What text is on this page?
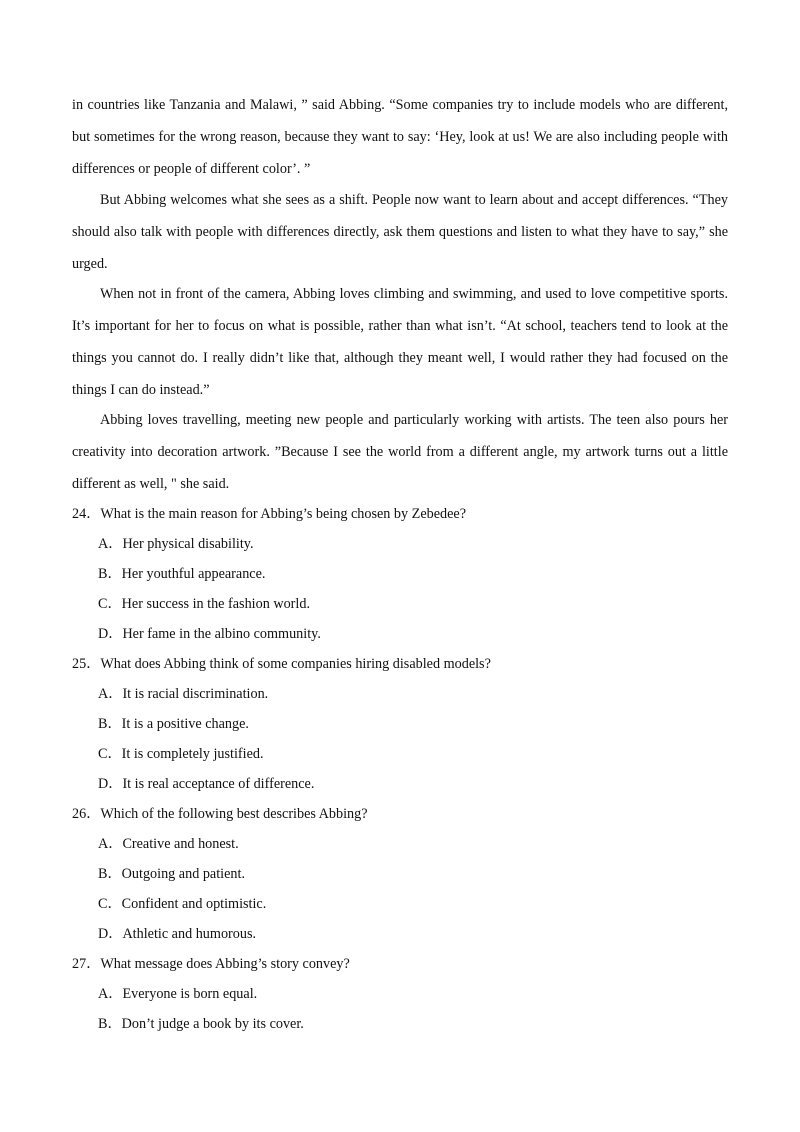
in countries like Tanzania and Malawi, ” said Abbing. “Some companies try to include models who are different, but sometimes for the wrong reason, because they want to say: ‘Hey, look at us! We are also including people with differences or people of different color’. ”

But Abbing welcomes what she sees as a shift. People now want to learn about and accept differences. “They should also talk with people with differences directly, ask them questions and listen to what they have to say,” she urged.

When not in front of the camera, Abbing loves climbing and swimming, and used to love competitive sports. It’s important for her to focus on what is possible, rather than what isn’t. “At school, teachers tend to look at the things you cannot do. I really didn’t like that, although they meant well, I would rather they had focused on the things I can do instead.”

Abbing loves travelling, meeting new people and particularly working with artists. The teen also pours her creativity into decoration artwork. ”Because I see the world from a different angle, my artwork turns out a little different as well, " she said.

24．What is the main reason for Abbing’s being chosen by Zebedee?

A．Her physical disability.

B．Her youthful appearance.

C．Her success in the fashion world.

D．Her fame in the albino community.

25．What does Abbing think of some companies hiring disabled models?

A．It is racial discrimination.

B．It is a positive change.

C．It is completely justified.

D．It is real acceptance of difference.

26．Which of the following best describes Abbing?

A．Creative and honest.

B．Outgoing and patient.

C．Confident and optimistic.

D．Athletic and humorous.

27．What message does Abbing’s story convey?

A．Everyone is born equal.

B．Don’t judge a book by its cover.
